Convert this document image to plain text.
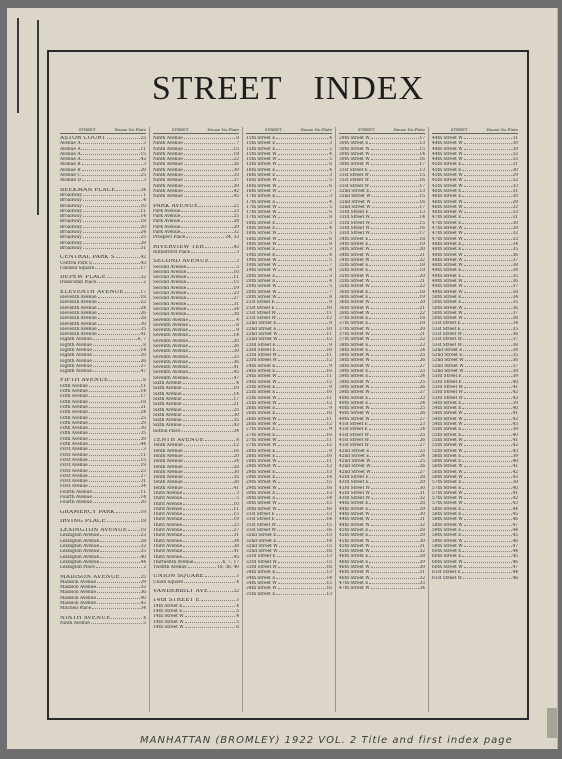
STREET INDEX
STREET	House No. Plate
ASTOR COURT	25
Avenue A	3
Avenue A	11
Avenue A	15
Avenue A	42
Avenue B	3
Avenue B	20
Avenue C	25
Avenue D	3
BEEKMAN PLACE	34
Broadway	1
Broadway	4
Broadway	10
Broadway	11
Broadway	14
Broadway	18
Broadway	20
Broadway	24
Broadway	25
Broadway	28
Broadway	31
CENTRAL PARK S	42
Central Park S	43
Chelsea Square	17
DEPEW PLACE	32
Dunscomb Place	2
ELEVENTH AVENUE	17
Eleventh Avenue	18
Eleventh Avenue	22
Eleventh Avenue	24
Eleventh Avenue	26
Eleventh Avenue	28
Eleventh Avenue	30
Eleventh Avenue	35
Eleventh Avenue	41
Eighth Avenue	6, 7
Eighth Avenue	8
Eighth Avenue	14
Eighth Avenue	20
Eighth Avenue	26
Eighth Avenue	37
Eighth Avenue	47
FIFTH AVENUE	6
Fifth Avenue	11
Fifth Avenue	14
Fifth Avenue	17
Fifth Avenue	18
Fifth Avenue	21
Fifth Avenue	24
Fifth Avenue	25
Fifth Avenue	29
Fifth Avenue	30
Fifth Avenue	35
Fifth Avenue	39
Fifth Avenue	44
First Avenue	3
First Avenue	11
First Avenue	15
First Avenue	19
First Avenue	23
First Avenue	27
First Avenue	31
First Avenue	34
Fourth Avenue	11
Fourth Avenue	14
Fourth Avenue	20
GRAMERCY PARK	19
IRVING PLACE	19
LEXINGTON AVENUE	19
Lexington Avenue	23
Lexington Avenue	28
Lexington Avenue	32
Lexington Avenue	35
Lexington Avenue	40
Lexington Avenue	44
Lexington Place	2
MADISON AVENUE	25
Madison Avenue	29
Madison Avenue	32
Madison Avenue	36
Madison Avenue	40
Madison Avenue	43
Mitchell Place	34
NINTH AVENUE	4
Ninth Avenue	5
STREET	House No. Plate
Ninth Avenue	8
Ninth Avenue	7
Ninth Avenue	15
Ninth Avenue	18
Ninth Avenue	22
Ninth Avenue	26
Ninth Avenue	30
Ninth Avenue	33
Ninth Avenue	37
Ninth Avenue	39
Ninth Avenue	42
Ninth Avenue	45
PARK AVENUE	22
Park Avenue	23
Park Avenue	25
Park Avenue	28
Park Avenue	29
Park Avenue	32
Prospect Place	24, 33
RIVERVIEW TER	43
Rutherford Place	3
SECOND AVENUE	3
Second Avenue	5
Second Avenue	10
Second Avenue	11
Second Avenue	15
Second Avenue	19
Second Avenue	23
Second Avenue	27
Second Avenue	31
Second Avenue	34
Second Avenue	38
Seventh Avenue	4
Seventh Avenue	6
Seventh Avenue	9
Seventh Avenue	14
Seventh Avenue	20
Seventh Avenue	26
Seventh Avenue	30
Seventh Avenue	33
Seventh Avenue	36
Seventh Avenue	41
Seventh Avenue	45
Seventh Avenue	47
Sixth Avenue	4
Sixth Avenue	10
Sixth Avenue	14
Sixth Avenue	17
Sixth Avenue	21
Sixth Avenue	25
Sixth Avenue	30
Sixth Avenue	35
Sixth Avenue	43
Sutton Place	34
TENTH AVENUE	8
Tenth Avenue	12
Tenth Avenue	16
Tenth Avenue	20
Tenth Avenue	24
Tenth Avenue	28
Tenth Avenue	30
Tenth Avenue	35
Tenth Avenue	38
Tenth Avenue	41
Third Avenue	3
Third Avenue	5
Third Avenue	10
Third Avenue	11
Third Avenue	15
Third Avenue	19
Third Avenue	23
Third Avenue	27
Third Avenue	31
Third Avenue	34
Third Avenue	38
Third Avenue	41
Third Avenue	45
Thirteenth Avenue	6, 7, 17
Twelfth Avenue	18, 36, 40
UNION SQUARE	3
Union Square	4
VANDERBILT AVE	32
14th STREET E	3
14th Street E	4
14th Street E	5
14th Street W	4
14th Street W	5
14th Street W	6
STREET	House No. Plate
15th Street E	4
15th Street E	3
15th Street E	2
15th Street W	4
15th Street W	5
15th Street W	6
16th Street E	4
16th Street E	3
16th Street W	5
16th Street W	6
16th Street W	7
17th Street E	3
17th Street E	4
17th Street W	5
17th Street W	6
17th Street W	8
18th Street E	3
18th Street E	4
18th Street W	5
18th Street W	6
18th Street W	8
19th Street E	3
19th Street E	4
19th Street W	5
19th Street W	7
19th Street W	8
20th Street E	3
20th Street E	4
20th Street W	5
20th Street W	7
20th Street W	8
21st Street E	9
21st Street E	10
21st Street W	11
21st Street W	12
22nd Street E	9
22nd Street E	10
22nd Street W	11
22nd Street W	12
23rd Street E	9
23rd Street E	10
23rd Street W	11
23rd Street W	12
24th Street E	9
24th Street E	10
24th Street W	11
24th Street W	12
25th Street E	9
25th Street E	10
25th Street W	11
25th Street W	12
26th Street E	9
26th Street E	10
26th Street W	11
26th Street W	12
27th Street E	9
27th Street E	10
27th Street W	11
27th Street W	12
28th Street E	9
28th Street E	10
28th Street W	11
28th Street W	12
29th Street E	13
29th Street E	14
29th Street W	15
29th Street W	16
30th Street E	13
30th Street E	14
30th Street W	15
30th Street W	16
31st Street E	13
31st Street E	14
31st Street W	15
31st Street W	16
32nd Street E	13
32nd Street E	14
32nd Street W	15
32nd Street W	16
33rd Street E	13
33rd Street W	15
33rd Street W	16
34th Street E	13
34th Street E	14
34th Street W	15
34th Street W	16
35th Street E	13
STREET	House No. Plate
29th Street W	17
30th Street E	13
30th Street W	15
30th Street W	14
30th Street W	16
30th Street W	17
31st Street E	13
31st Street W	15
31st Street W	16
31st Street W	17
32nd Street E	13
32nd Street W	15
32nd Street W	16
32nd Street W	17
33rd Street E	13
33rd Street W	14
33rd Street W	15
33rd Street W	16
33rd Street W	17
34th Street E	18
34th Street E	19
34th Street W	20
34th Street W	21
34th Street W	22
35th Street E	18
35th Street E	19
35th Street W	20
35th Street W	21
35th Street W	22
36th Street E	18
36th Street E	19
36th Street W	20
36th Street W	21
36th Street W	22
37th Street E	18
37th Street E	19
37th Street W	20
37th Street W	21
37th Street W	22
38th Street E	23
38th Street E	24
38th Street W	25
38th Street W	26
38th Street W	27
39th Street E	23
39th Street E	24
39th Street W	25
39th Street W	26
39th Street W	27
40th Street E	23
40th Street E	24
40th Street W	25
40th Street W	26
40th Street W	27
41st Street E	23
41st Street E	24
41st Street W	25
41st Street W	26
41st Street W	27
42nd Street E	23
42nd Street E	24
42nd Street W	25
42nd Street W	26
42nd Street W	27
43rd Street E	28
43rd Street E	29
43rd Street W	30
43rd Street W	31
43rd Street W	32
44th Street E	28
44th Street E	29
44th Street W	30
44th Street W	31
44th Street W	32
45th Street E	28
45th Street E	29
45th Street W	30
45th Street W	31
45th Street W	32
46th Street E	28
46th Street E	29
46th Street W	30
46th Street W	31
46th Street W	32
47th Street E	33
47th Street W	34
STREET	House No. Plate
44th Street W	31
44th Street W	30
44th Street W	29
44th Street W	32
44th Street W	33
45th Street E	31
45th Street E	30
45th Street W	29
45th Street W	32
45th Street W	33
46th Street E	31
46th Street E	30
46th Street W	29
46th Street W	32
46th Street W	33
47th Street E	31
47th Street E	30
47th Street W	29
47th Street W	32
47th Street W	33
48th Street E	34
48th Street E	35
48th Street W	36
48th Street W	37
48th Street W	38
49th Street E	34
49th Street E	35
49th Street W	36
49th Street W	37
49th Street W	38
50th Street E	34
50th Street E	35
50th Street W	36
50th Street W	37
50th Street W	38
51st Street E	34
51st Street E	35
51st Street W	36
51st Street W	37
51st Street W	38
52nd Street E	34
52nd Street E	35
52nd Street W	36
52nd Street W	37
52nd Street W	38
53rd Street E	39
53rd Street E	40
53rd Street W	41
53rd Street W	42
53rd Street W	43
54th Street E	39
54th Street E	40
54th Street W	41
54th Street W	42
54th Street W	43
55th Street E	39
55th Street E	40
55th Street W	41
55th Street W	42
55th Street W	43
56th Street E	39
56th Street E	40
56th Street W	41
56th Street W	42
56th Street W	43
57th Street E	39
57th Street E	40
57th Street W	41
57th Street W	42
57th Street W	43
58th Street E	44
58th Street E	45
58th Street W	46
58th Street W	47
59th Street E	44
59th Street E	45
59th Street W	46
59th Street W	47
60th Street E	44
60th Street E	45
60th Street W	46
60th Street W	47
61st Street E	44
61st Street W	46
MANHATTAN (BROMLEY) 1922 VOL. 2 Title and first index page
